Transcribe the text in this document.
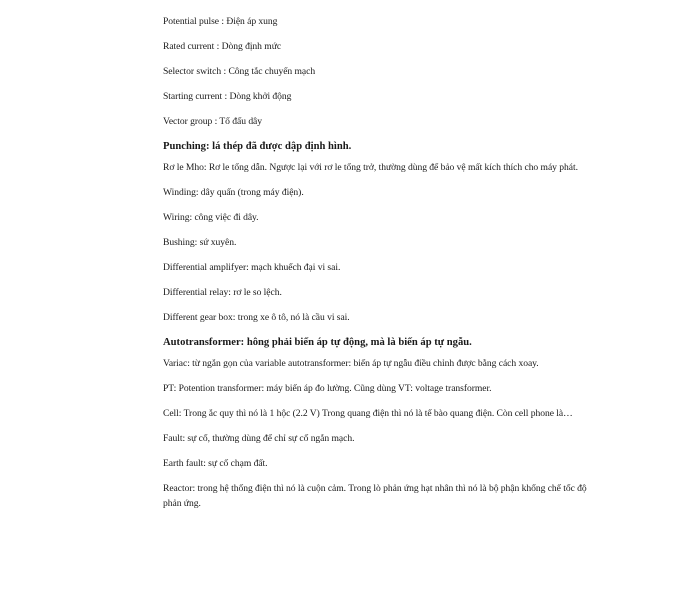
Potential pulse : Điện áp xung

Rated current : Dòng định mức

Selector switch : Công tắc chuyển mạch

Starting current : Dòng khởi động

Vector group : Tổ đấu dây

Punching: lá thép đã được dập định hình.

Rơ le Mho: Rơ le tổng dẫn. Ngược lại với rơ le tổng trở, thường dùng để bảo vệ mất kích thích cho máy phát.

Winding: dây quấn (trong máy điện).

Wiring: công việc đi dây.

Bushing: sứ xuyên.

Differential amplifyer: mạch khuếch đại vi sai.

Differential relay: rơ le so lệch.

Different gear box: trong xe ô tô, nó là cầu vi sai.

Autotransformer: hông phải biến áp tự động, mà là biến áp tự ngẫu.

Variac: từ ngắn gọn của variable autotransformer: biến áp tự ngẫu điều chỉnh được bằng cách xoay.

PT: Potention transformer: máy biến áp đo lường. Cũng dùng VT: voltage transformer.

Cell: Trong ắc quy thì nó là 1 hộc (2.2 V) Trong quang điện thì nó là tế bào quang điện. Còn cell phone là…

Fault: sự cố, thường dùng để chỉ sự cố ngắn mạch.

Earth fault: sự cố chạm đất.

Reactor: trong hệ thống điện thì nó là cuộn cảm. Trong lò phản ứng hạt nhân thì nó là bộ phận khống chế tốc độ phản ứng.
